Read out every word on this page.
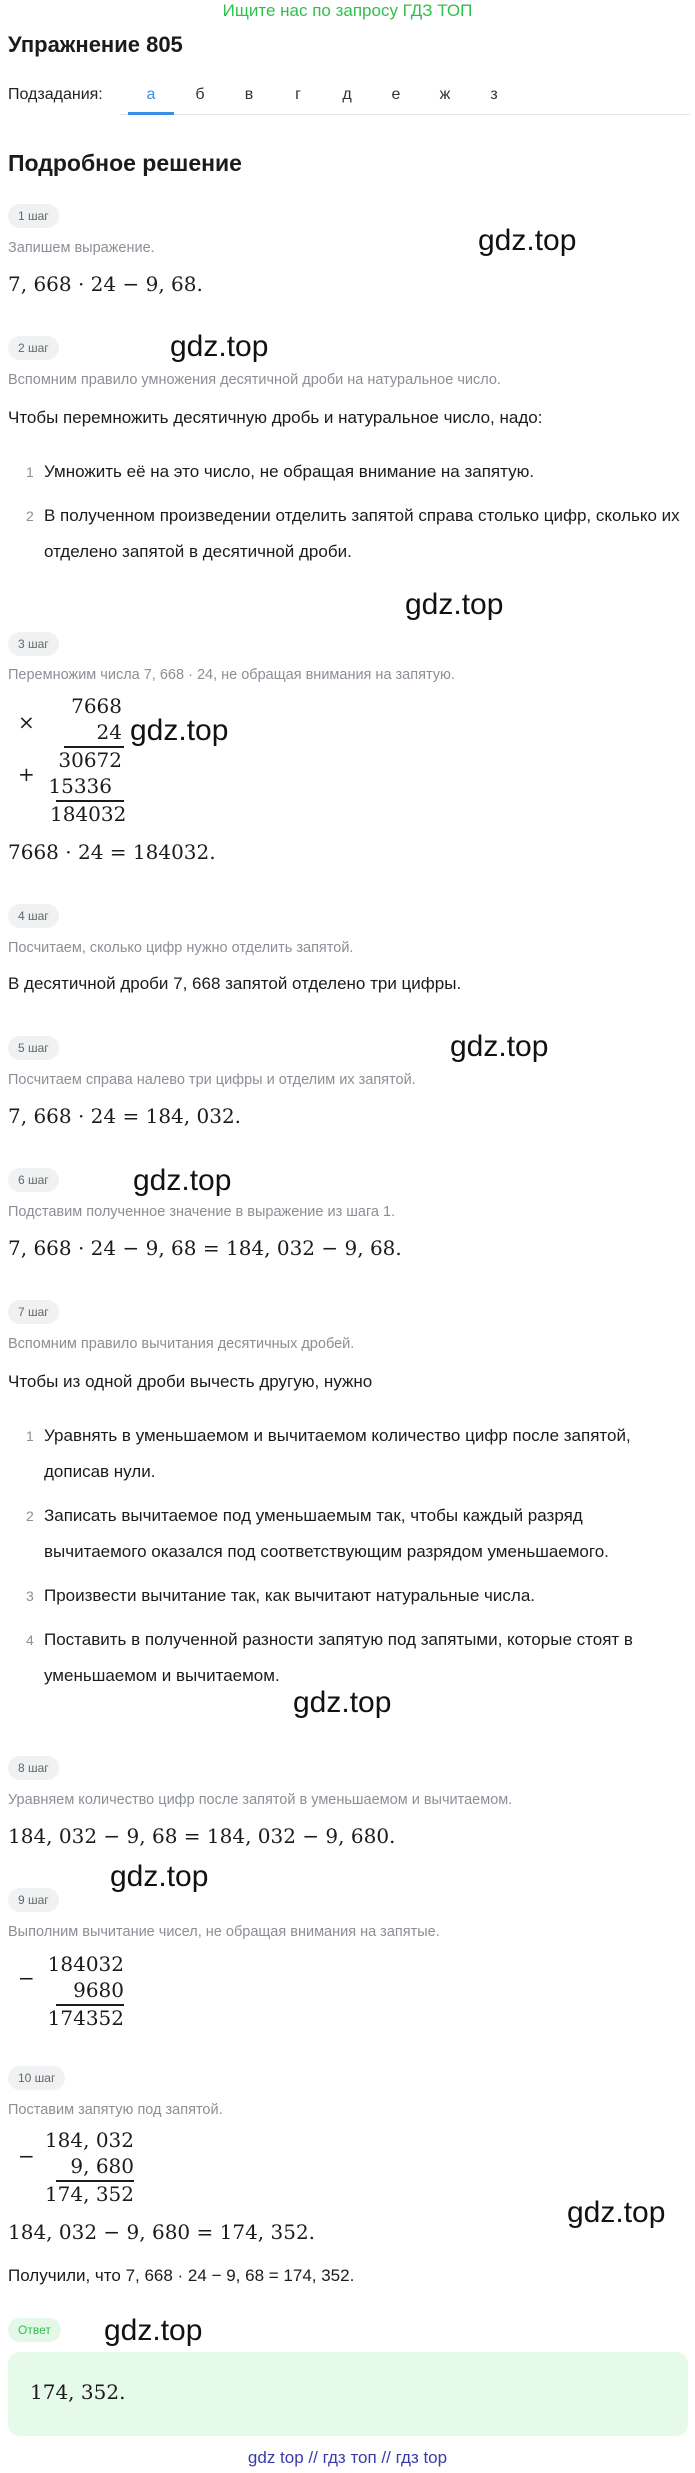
Ищите нас по запросу ГДЗ ТОП
Упражнение 805
Подзадания:	а	б	в	г	д	е	ж	з
Подробное решение
1 шаг
Запишем выражение.
7, 668 · 24 − 9, 68.
gdz.top
2 шаг	gdz.top
Вспомним правило умножения десятичной дроби на натуральное число.
Чтобы перемножить десятичную дробь и натуральное число, надо:
1 Умножить её на это число, не обращая внимание на запятую.
2 В полученном произведении отделить запятой справа столько цифр, сколько их отделено запятой в десятичной дроби.
gdz.top
3 шаг
Перемножим числа 7, 668 · 24, не обращая внимания на запятую.
×
7668
24 gdz.top
30672
+ 15336
184032
7668 · 24 = 184032.
4 шаг
Посчитаем, сколько цифр нужно отделить запятой.
В десятичной дроби 7, 668 запятой отделено три цифры.
5 шаг	gdz.top
Посчитаем справа налево три цифры и отделим их запятой.
7, 668 · 24 = 184, 032.
6 шаг	gdz.top
Подставим полученное значение в выражение из шага 1.
7, 668 · 24 − 9, 68 = 184, 032 − 9, 68.
7 шаг
Вспомним правило вычитания десятичных дробей.
Чтобы из одной дроби вычесть другую, нужно
1 Уравнять в уменьшаемом и вычитаемом количество цифр после запятой, дописав нули.
2 Записать вычитаемое под уменьшаемым так, чтобы каждый разряд вычитаемого оказался под соответствующим разрядом уменьшаемого.
3 Произвести вычитание так, как вычитают натуральные числа.
4 Поставить в полученной разности запятую под запятыми, которые стоят в уменьшаемом и вычитаемом.
gdz.top
8 шаг
Уравняем количество цифр после запятой в уменьшаемом и вычитаемом.
184, 032 − 9, 68 = 184, 032 − 9, 680.
9 шаг
gdz.top
Выполним вычитание чисел, не обращая внимания на запятые.
−
184032
9680
174352
10 шаг
Поставим запятую под запятой.
−
184, 032
9, 680
174, 352
gdz.top
184, 032 − 9, 680 = 174, 352.
Получили, что 7, 668 · 24 − 9, 68 = 174, 352.
Ответ	gdz.top
174, 352.
gdz top // гдз топ // гдз top
